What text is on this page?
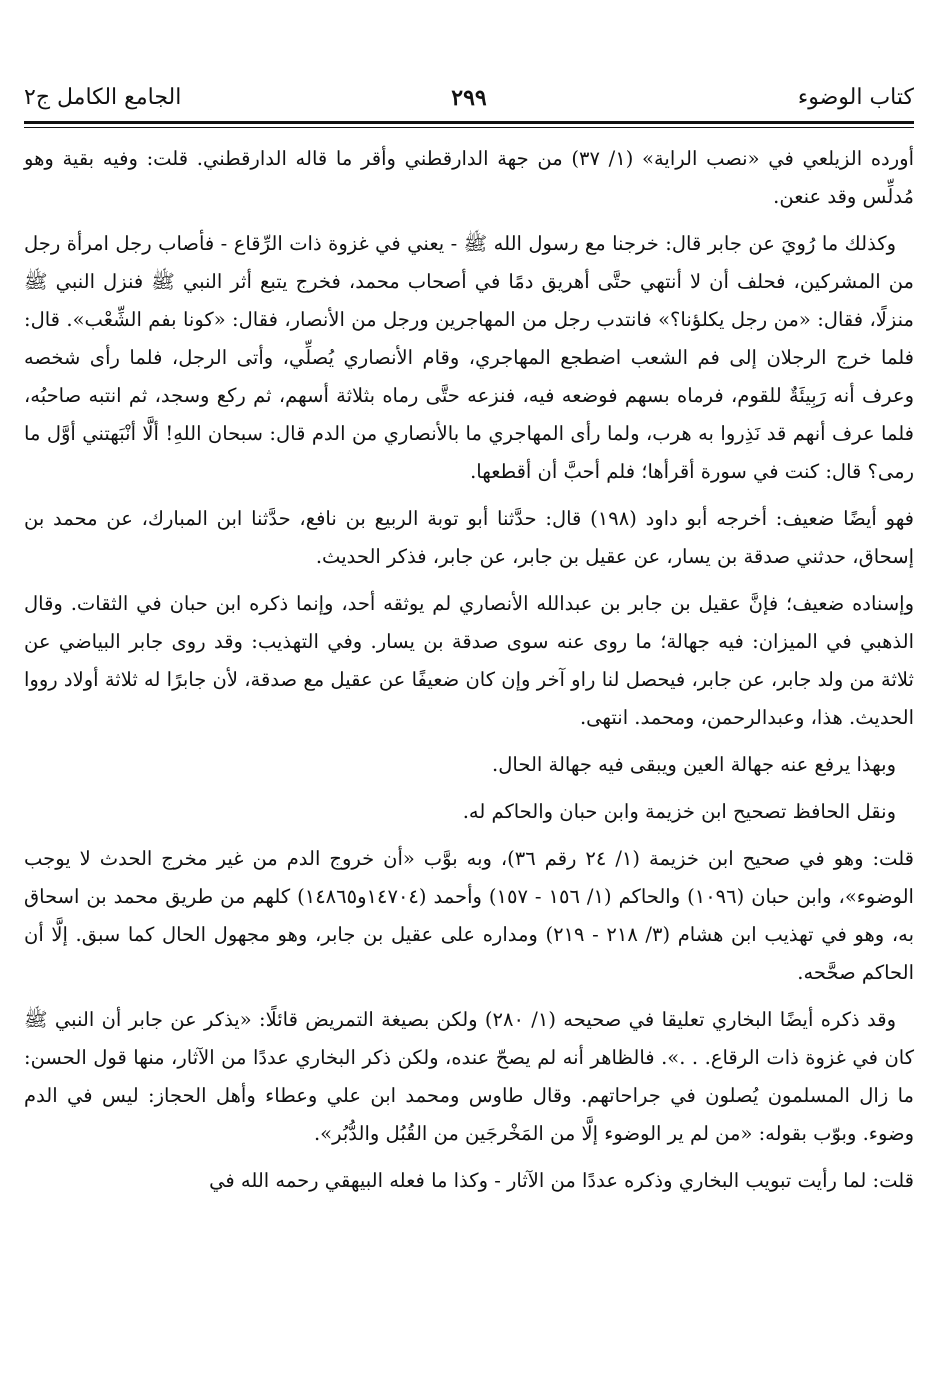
كتاب الوضوء
٢٩٩
الجامع الكامل ج٢

أورده الزيلعي في «نصب الراية» (١/ ٣٧) من جهة الدارقطني وأقر ما قاله الدارقطني. قلت: وفيه بقية وهو مُدلِّس وقد عنعن.

وكذلك ما رُويَ عن جابر قال: خرجنا مع رسول الله ﷺ - يعني في غزوة ذات الرِّقاع - فأصاب رجل امرأة رجل من المشركين، فحلف أن لا أنتهي حتَّى أهريق دمًا في أصحاب محمد، فخرج يتبع أثر النبي ﷺ فنزل النبي ﷺ منزلًا، فقال: «من رجل يكلؤنا؟» فانتدب رجل من المهاجرين ورجل من الأنصار، فقال: «كونا بفم الشِّعْب». قال: فلما خرج الرجلان إلى فم الشعب اضطجع المهاجري، وقام الأنصاري يُصلِّي، وأتى الرجل، فلما رأى شخصه وعرف أنه رَبِيئَةٌ للقوم، فرماه بسهم فوضعه فيه، فنزعه حتَّى رماه بثلاثة أسهم، ثم ركع وسجد، ثم انتبه صاحبُه، فلما عرف أنهم قد نَذِروا به هرب، ولما رأى المهاجري ما بالأنصاري من الدم قال: سبحان اللهِ! ألَّا أنْبَهتني أوَّل ما رمى؟ قال: كنت في سورة أقرأها؛ فلم أحبَّ أن أقطعها.

فهو أيضًا ضعيف: أخرجه أبو داود (١٩٨) قال: حدَّثنا أبو توبة الربيع بن نافع، حدَّثنا ابن المبارك، عن محمد بن إسحاق، حدثني صدقة بن يسار، عن عقيل بن جابر، عن جابر، فذكر الحديث.

وإسناده ضعيف؛ فإنَّ عقيل بن جابر بن عبدالله الأنصاري لم يوثقه أحد، وإنما ذكره ابن حبان في الثقات. وقال الذهبي في الميزان: فيه جهالة؛ ما روى عنه سوى صدقة بن يسار. وفي التهذيب: وقد روى جابر البياضي عن ثلاثة من ولد جابر، عن جابر، فيحصل لنا راو آخر وإن كان ضعيفًا عن عقيل مع صدقة، لأن جابرًا له ثلاثة أولاد رووا الحديث. هذا، وعبدالرحمن، ومحمد. انتهى.

وبهذا يرفع عنه جهالة العين ويبقى فيه جهالة الحال.

ونقل الحافظ تصحيح ابن خزيمة وابن حبان والحاكم له.

قلت: وهو في صحيح ابن خزيمة (١/ ٢٤ رقم ٣٦)، وبه بوَّب «أن خروج الدم من غير مخرج الحدث لا يوجب الوضوء»، وابن حبان (١٠٩٦) والحاكم (١/ ١٥٦ - ١٥٧) وأحمد (١٤٧٠٤و١٤٨٦٥) كلهم من طريق محمد بن اسحاق به، وهو في تهذيب ابن هشام (٣/ ٢١٨ - ٢١٩) ومداره على عقيل بن جابر، وهو مجهول الحال كما سبق. إلَّا أن الحاكم صحَّحه.

وقد ذكره أيضًا البخاري تعليقا في صحيحه (١/ ٢٨٠) ولكن بصيغة التمريض قائلًا: «يذكر عن جابر أن النبي ﷺ كان في غزوة ذات الرقاع. . .». فالظاهر أنه لم يصحّ عنده، ولكن ذكر البخاري عددًا من الآثار، منها قول الحسن: ما زال المسلمون يُصلون في جراحاتهم. وقال طاوس ومحمد ابن علي وعطاء وأهل الحجاز: ليس في الدم وضوء. وبوّب بقوله: «من لم ير الوضوء إلَّا من المَخْرجَين من القُبُل والدُّبُر».

قلت: لما رأيت تبويب البخاري وذكره عددًا من الآثار - وكذا ما فعله البيهقي رحمه الله في
